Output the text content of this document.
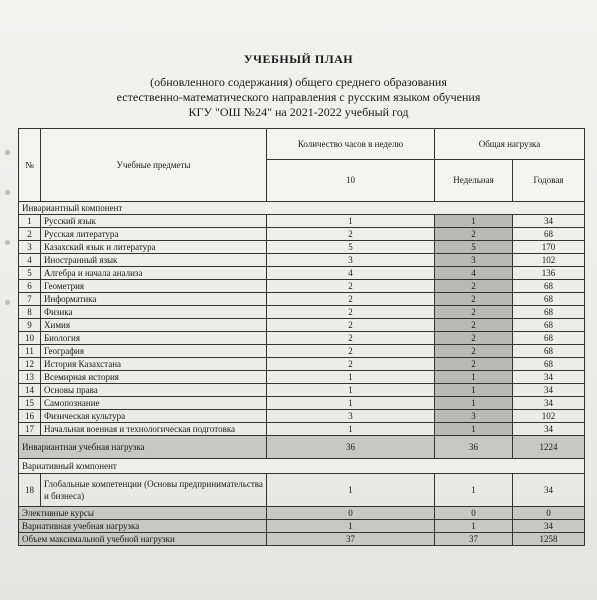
УЧЕБНЫЙ ПЛАН
(обновленного содержания) общего среднего образования
естественно-математического направления с русским языком обучения
КГУ "ОШ №24" на 2021-2022 учебный год
№	Учебные предметы	Количество часов в неделю	Общая нагрузка	
		10	Недельная	Годовая
Инвариантный компонент				
1	Русский язык	1	1	34
2	Русская литература	2	2	68
3	Казахский язык и литература	5	5	170
4	Иностранный язык	3	3	102
5	Алгебра и начала анализа	4	4	136
6	Геометрия	2	2	68
7	Информатика	2	2	68
8	Физика	2	2	68
9	Химия	2	2	68
10	Биология	2	2	68
11	География	2	2	68
12	История Казахстана	2	2	68
13	Всемирная история	1	1	34
14	Основы права	1	1	34
15	Самопознание	1	1	34
16	Физическая культура	3	3	102
17	Начальная военная и технологическая подготовка	1	1	34
Инвариантная учебная нагрузка		36	36	1224
Вариативный компонент				
18	Глобальные компетенции (Основы предпринимательства и бизнеса)	1	1	34
Элективные курсы		0	0	0
Вариативная учебная нагрузка		1	1	34
Объем максимальной учебной нагрузки		37	37	1258
